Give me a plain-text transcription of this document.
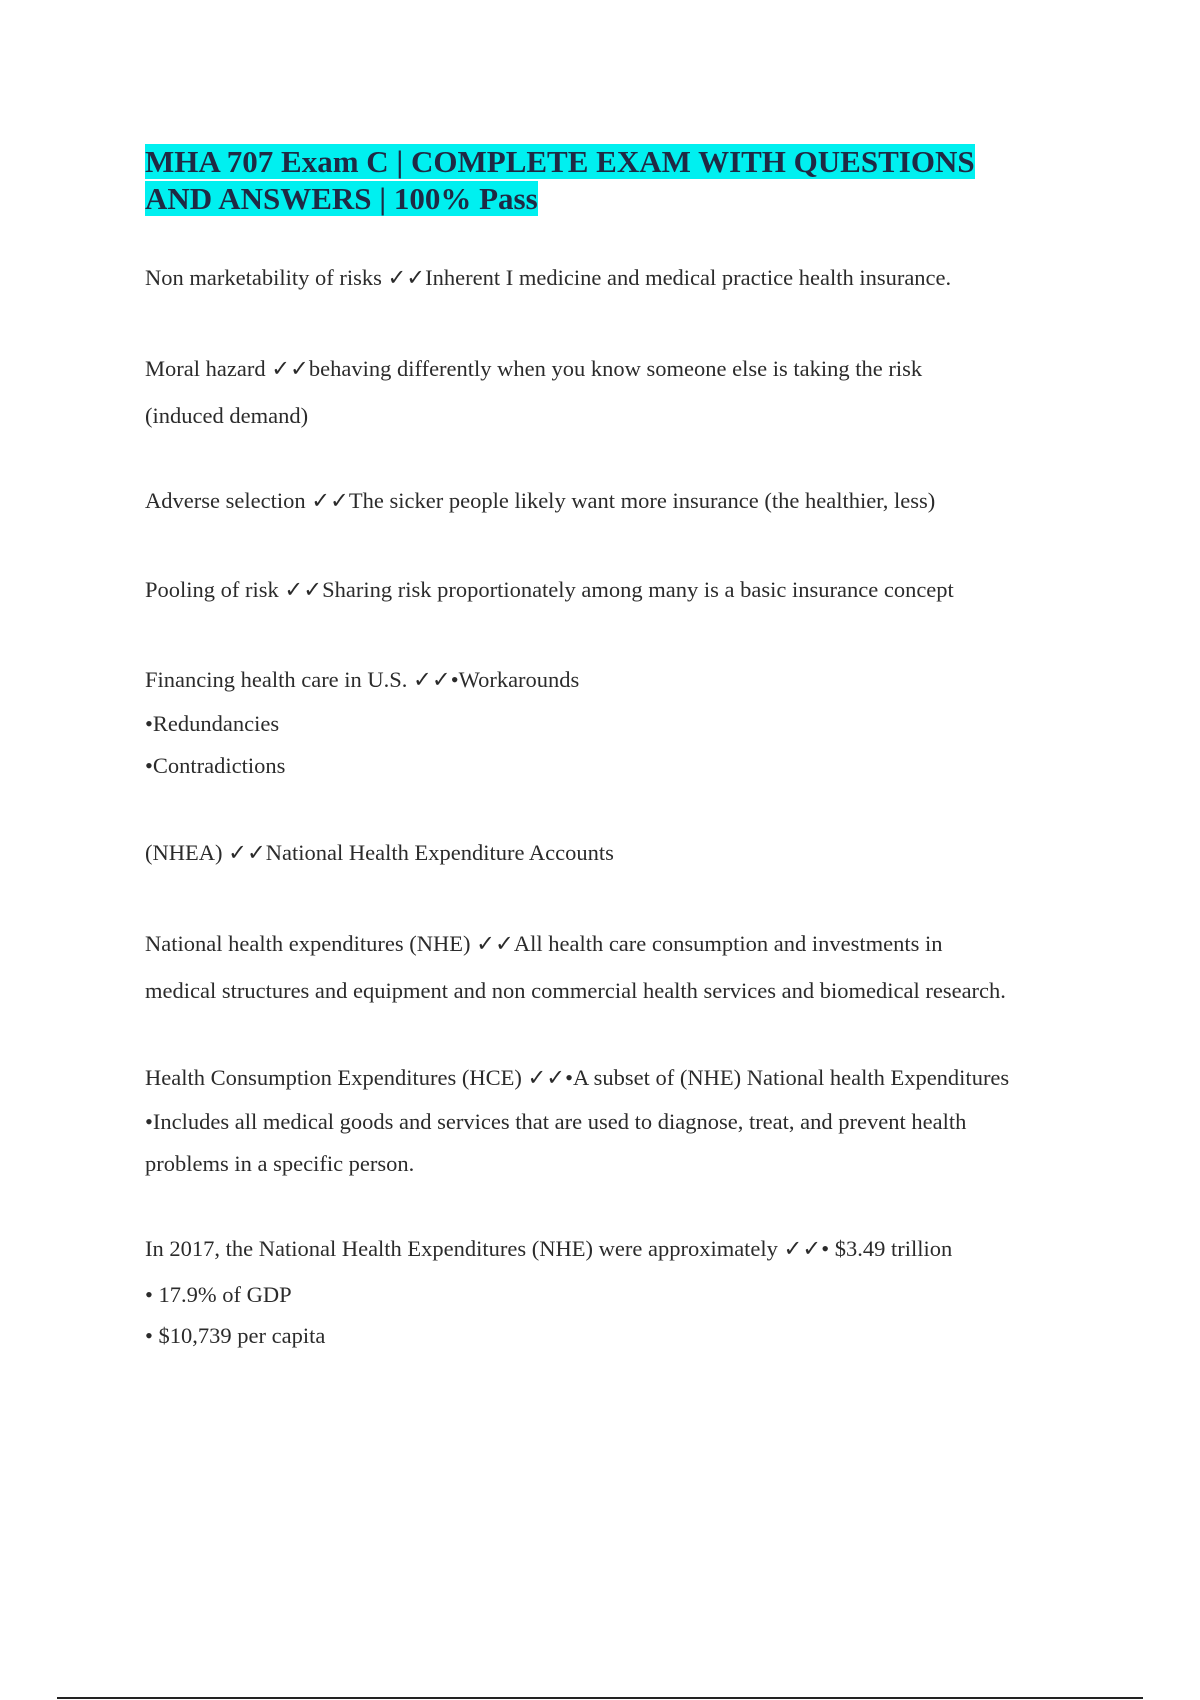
MHA 707 Exam C | COMPLETE EXAM WITH QUESTIONS
AND ANSWERS | 100% Pass
Non marketability of risks ✓✓Inherent I medicine and medical practice health insurance.
Moral hazard ✓✓behaving differently when you know someone else is taking the risk
(induced demand)
Adverse selection ✓✓The sicker people likely want more insurance (the healthier, less)
Pooling of risk ✓✓Sharing risk proportionately among many is a basic insurance concept
Financing health care in U.S. ✓✓•Workarounds
•Redundancies
•Contradictions
(NHEA) ✓✓National Health Expenditure Accounts
National health expenditures (NHE) ✓✓All health care consumption and investments in
medical structures and equipment and non commercial health services and biomedical research.
Health Consumption Expenditures (HCE) ✓✓•A subset of (NHE) National health Expenditures
•Includes all medical goods and services that are used to diagnose, treat, and prevent health
problems in a specific person.
In 2017, the National Health Expenditures (NHE) were approximately ✓✓• $3.49 trillion
• 17.9% of GDP
• $10,739 per capita
